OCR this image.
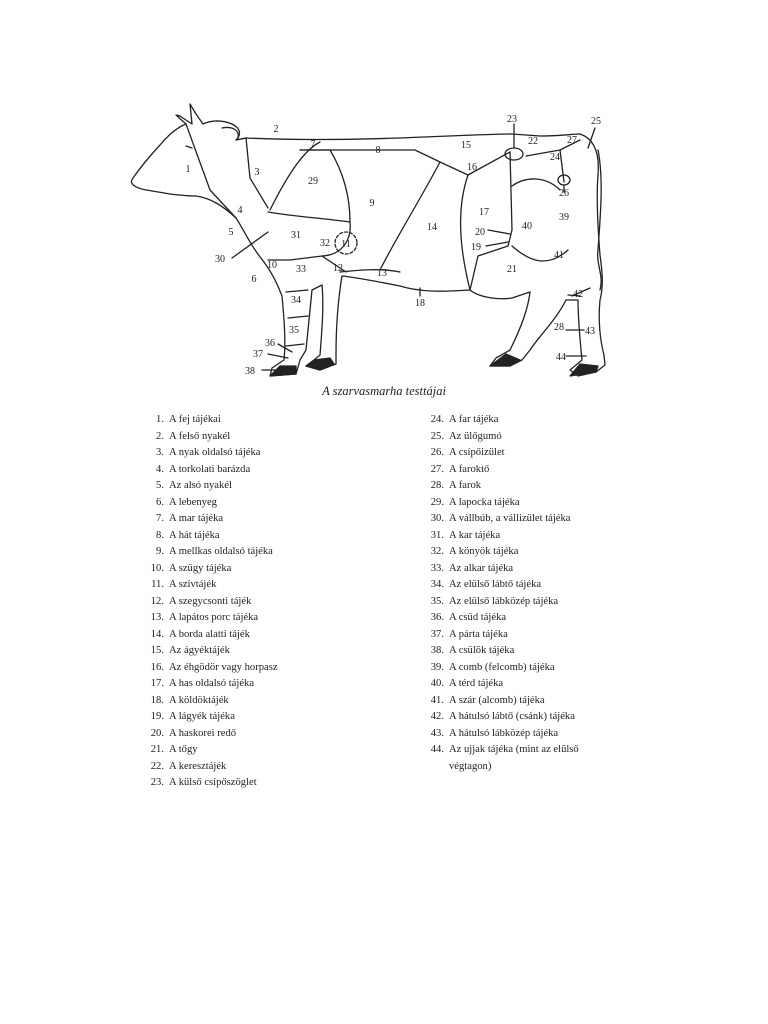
1
2
3
4
5
6
7
8
9
10
11
12	13
14
15
16
17
18
19
20
21
22
23
24
25
26
27
28
29
30
31
32
33
34
35
36
37
38
39
40
41
42
43
44
A szarvasmarha testtájai
1. A fej tájékai
2. A felső nyakél
3. A nyak oldalsó tájéka
4. A torkolati barázda
5. Az alsó nyakél
6. A lebenyeg
7. A mar tájéka
8. A hát tájéka
9. A mellkas oldalsó tájéka
10. A szügy tájéka
11. A szívtájék
12. A szegycsonti tájék
13. A lapátos porc tájéka
14. A borda alatti tájék
15. Az ágyéktájék
16. Az éhgödör vagy horpasz
17. A has oldalsó tájéka
18. A köldöktájék
19. A lágyék tájéka
20. A haskorei redő
21. A tőgy
22. A keresztájék
23. A külső csípőszöglet
24. A far tájéka
25. Az ülőgumó
26. A csípőizület
27. A faroktő
28. A farok
29. A lapocka tájéka
30. A vállbúb, a vállizület tájéka
31. A kar tájéka
32. A könyök tájéka
33. Az alkar tájéka
34. Az elülső lábtő tájéka
35. Az elülső lábközép tájéka
36. A csüd tájéka
37. A párta tájéka
38. A csülök tájéka
39. A comb (felcomb) tájéka
40. A térd tájéka
41. A szár (alcomb) tájéka
42. A hátulsó lábtő (csánk) tájéka
43. A hátulsó lábközép tájéka
44. Az ujjak tájéka (mint az elülső
végtagon)
